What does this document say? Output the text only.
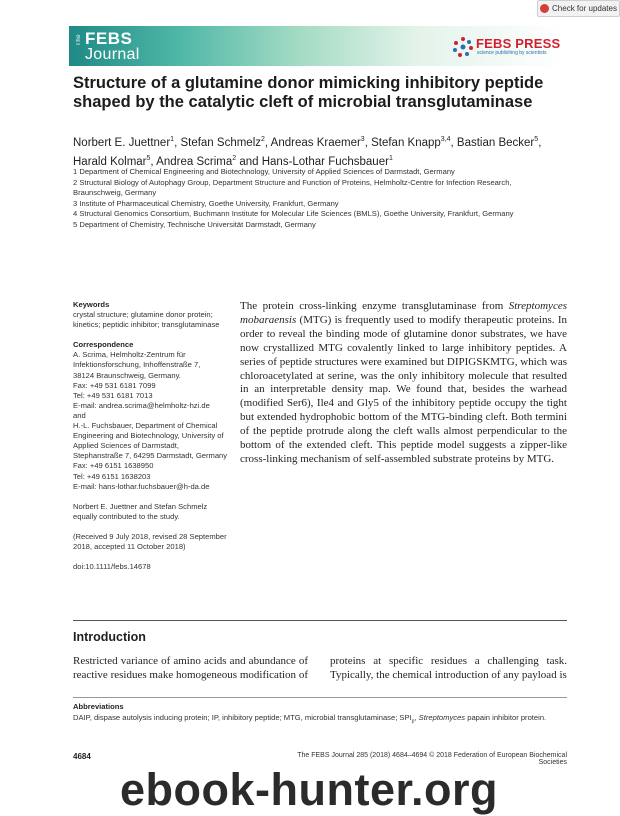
Check for updates
The FEBS
Journal
FEBS PRESS
science publishing by scientists
Structure of a glutamine donor mimicking inhibitory peptide shaped by the catalytic cleft of microbial transglutaminase
Norbert E. Juettner$^1$, Stefan Schmelz$^2$, Andreas Kraemer$^3$, Stefan Knapp$^{3,4}$, Bastian Becker$^5$,
Harald Kolmar$^5$, Andrea Scrima$^2$ and Hans-Lothar Fuchsbauer$^1$
1 Department of Chemical Engineering and Biotechnology, University of Applied Sciences of Darmstadt, Germany
2 Structural Biology of Autophagy Group, Department Structure and Function of Proteins, Helmholtz-Centre for Infection Research, Braunschweig, Germany
3 Institute of Pharmaceutical Chemistry, Goethe University, Frankfurt, Germany
4 Structural Genomics Consortium, Buchmann Institute for Molecular Life Sciences (BMLS), Goethe University, Frankfurt, Germany
5 Department of Chemistry, Technische Universität Darmstadt, Germany

Keywords

crystal structure; glutamine donor protein; kinetics; peptidic inhibitor; transglutaminase

Correspondence

A. Scrima, Helmholtz-Zentrum für

Infektionsforschung, Inhoffenstraße 7,

38124 Braunschweig, Germany.

Fax: +49 531 6181 7099

Tel: +49 531 6181 7013

E-mail: andrea.scrima@helmholtz-hzi.de

and

H.-L. Fuchsbauer, Department of Chemical

Engineering and Biotechnology, University of

Applied Sciences of Darmstadt,

Stephanstraße 7, 64295 Darmstadt, Germany

Fax: +49 6151 1638950

Tel: +49 6151 1638203

E-mail: hans-lothar.fuchsbauer@h-da.de

Norbert E. Juettner and Stefan Schmelz equally contributed to the study.

(Received 9 July 2018, revised 28 September 2018, accepted 11 October 2018)

doi:10.1111/febs.14678

The protein cross-linking enzyme transglutaminase from Streptomyces mobaraensis (MTG) is frequently used to modify therapeutic proteins. In order to reveal the binding mode of glutamine donor substrates, we have now crystallized MTG covalently linked to large inhibitory peptides. A series of peptide structures were examined but DIPIGSKMTG, which was chloroacetylated at serine, was the only inhibitory molecule that resulted in an interpretable density map. We found that, besides the warhead (modified Ser6), Ile4 and Gly5 of the inhibitory peptide occupy the tight but extended hydrophobic bottom of the MTG-binding cleft. Both termini of the peptide protrude along the cleft walls almost perpendicular to the bottom of the extended cleft. This peptide model suggests a zipper-like cross-linking mechanism of self-assembled substrate proteins by MTG.
Introduction
Restricted variance of amino acids and abundance of reactive residues make homogeneous modification of
proteins at specific residues a challenging task. Typically, the chemical introduction of any payload is
Abbreviations
DAIP, dispase autolysis inducing protein; IP, inhibitory peptide; MTG, microbial transglutaminase; $SPI_p$, Streptomyces papain inhibitor protein.
4684	The FEBS Journal 285 (2018) 4684–4694 © 2018 Federation of European Biochemical Societies
ebook-hunter.org
